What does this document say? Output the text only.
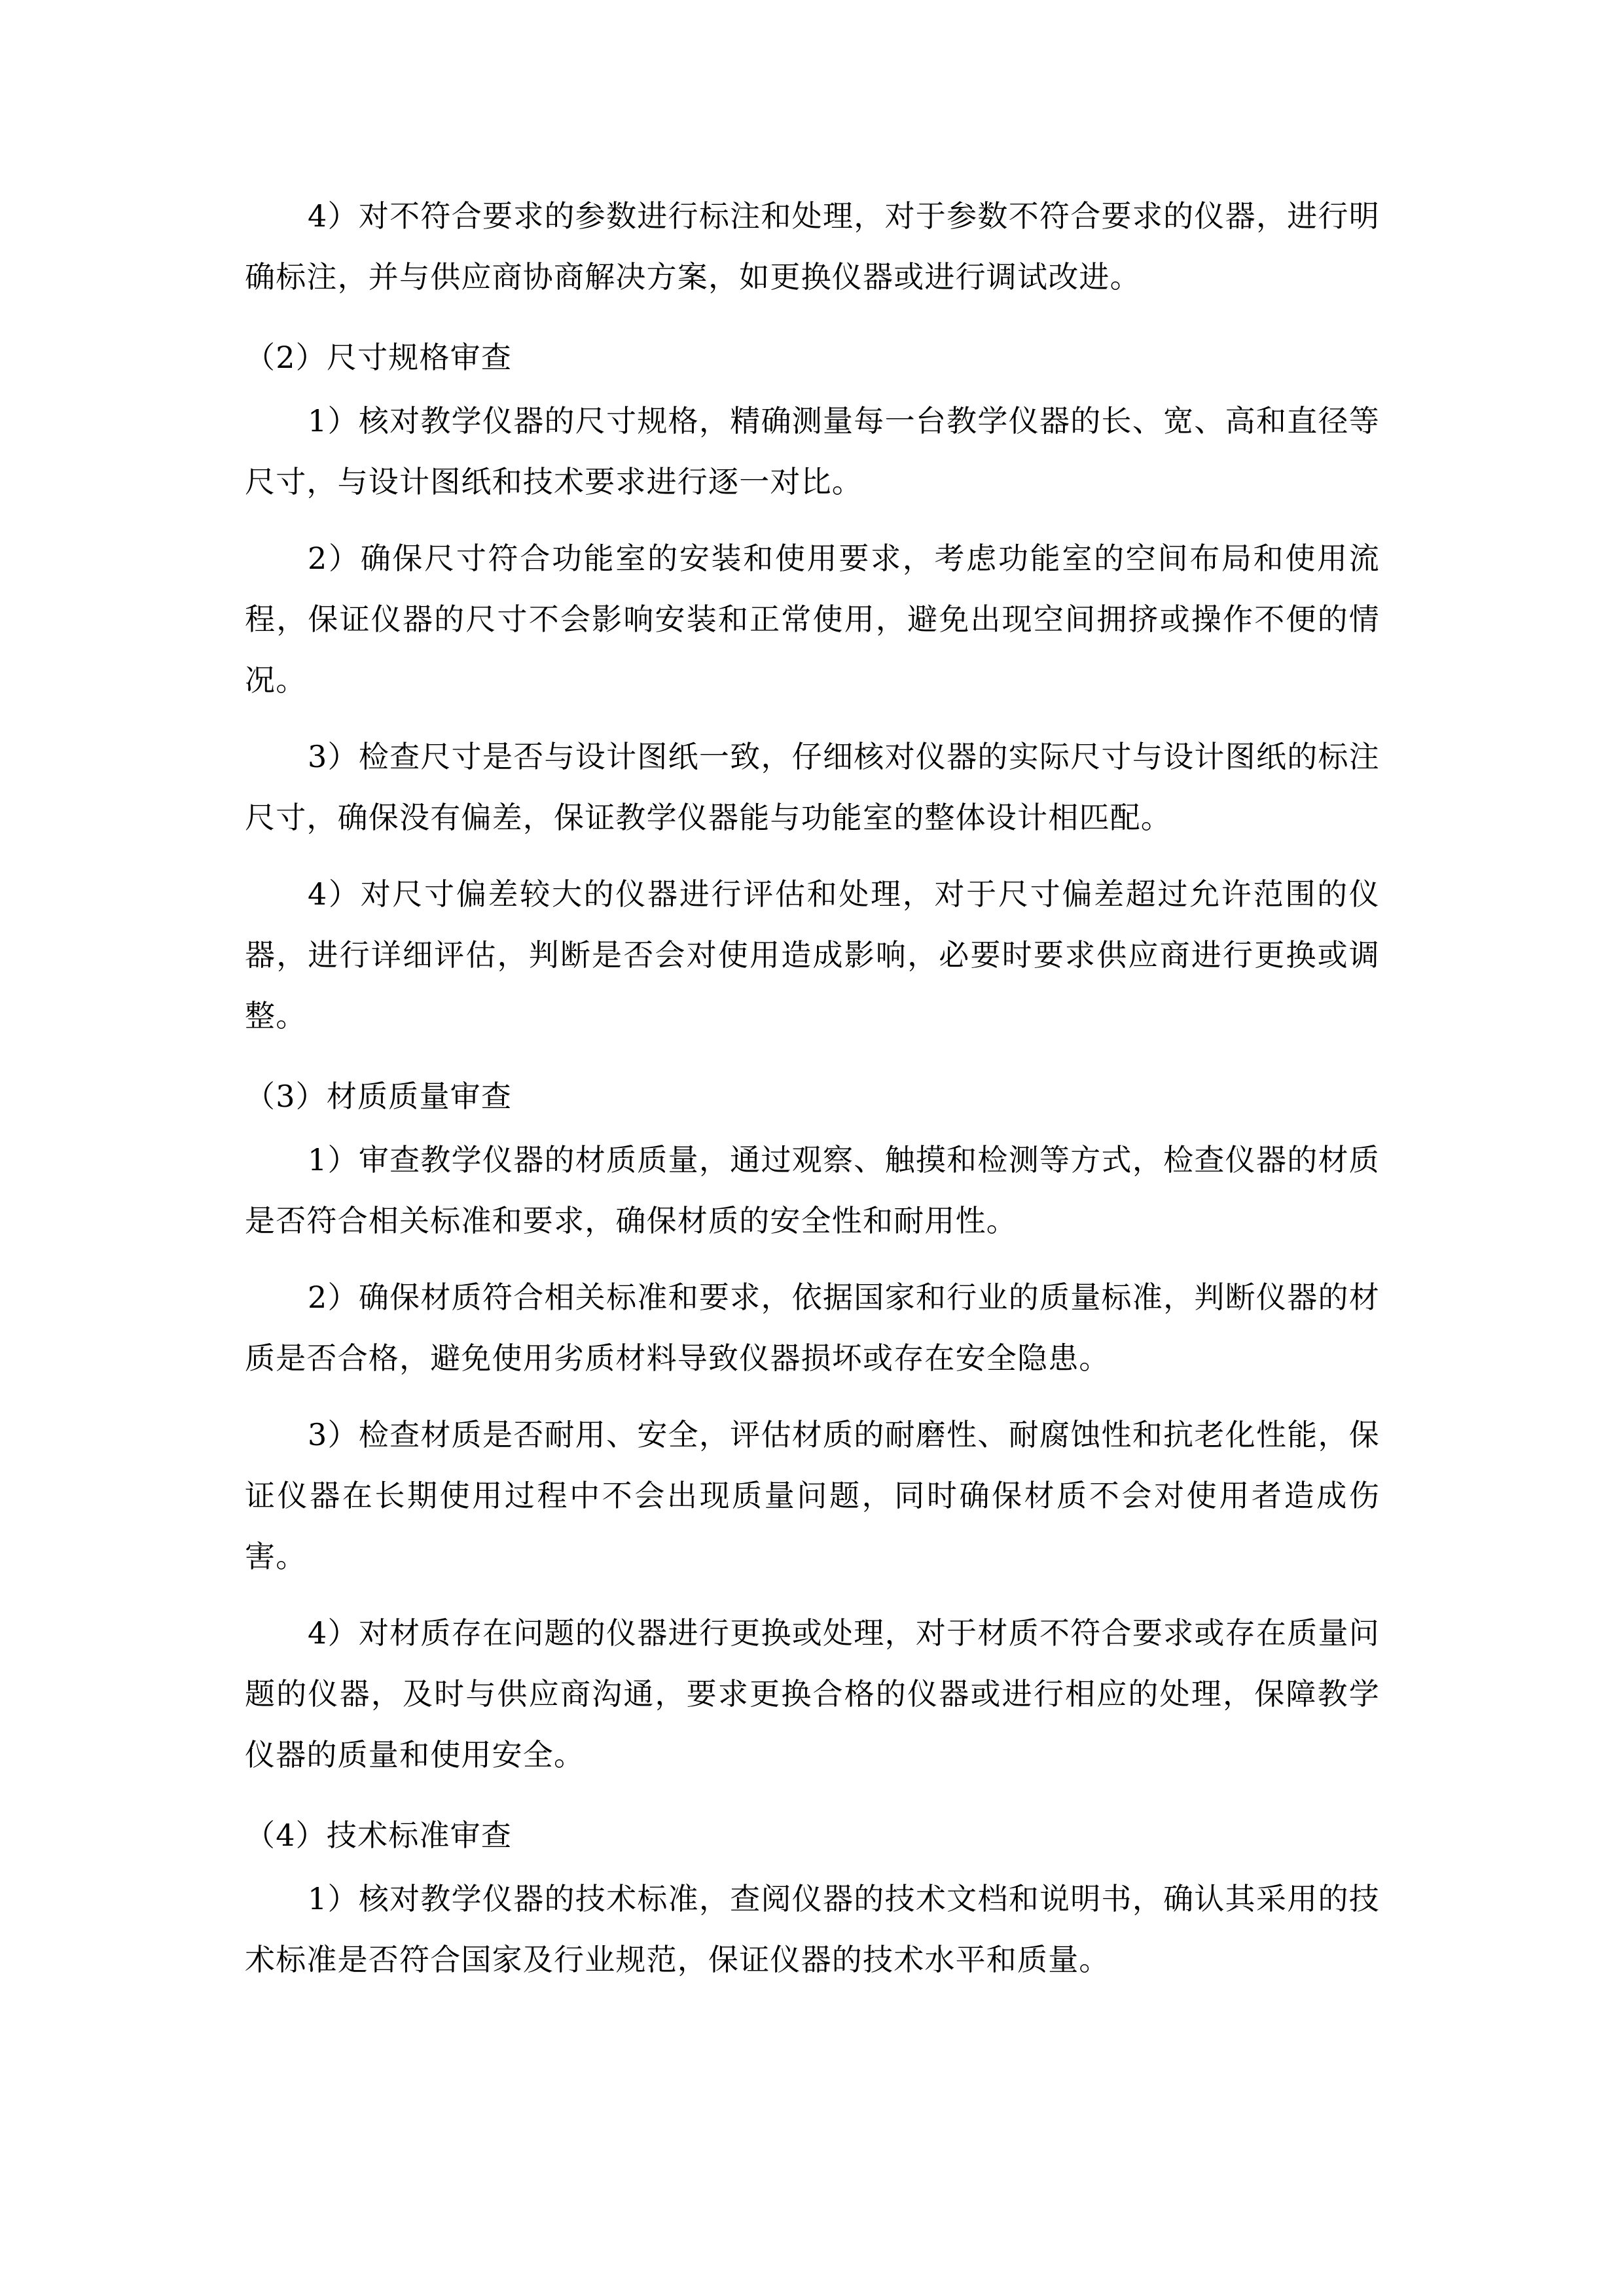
4）对不符合要求的参数进行标注和处理，对于参数不符合要求的仪器，进行明确标注，并与供应商协商解决方案，如更换仪器或进行调试改进。

（2）尺寸规格审查

1）核对教学仪器的尺寸规格，精确测量每一台教学仪器的长、宽、高和直径等尺寸，与设计图纸和技术要求进行逐一对比。

2）确保尺寸符合功能室的安装和使用要求，考虑功能室的空间布局和使用流程，保证仪器的尺寸不会影响安装和正常使用，避免出现空间拥挤或操作不便的情况。

3）检查尺寸是否与设计图纸一致，仔细核对仪器的实际尺寸与设计图纸的标注尺寸，确保没有偏差，保证教学仪器能与功能室的整体设计相匹配。

4）对尺寸偏差较大的仪器进行评估和处理，对于尺寸偏差超过允许范围的仪器，进行详细评估，判断是否会对使用造成影响，必要时要求供应商进行更换或调整。

（3）材质质量审查

1）审查教学仪器的材质质量，通过观察、触摸和检测等方式，检查仪器的材质是否符合相关标准和要求，确保材质的安全性和耐用性。

2）确保材质符合相关标准和要求，依据国家和行业的质量标准，判断仪器的材质是否合格，避免使用劣质材料导致仪器损坏或存在安全隐患。

3）检查材质是否耐用、安全，评估材质的耐磨性、耐腐蚀性和抗老化性能，保证仪器在长期使用过程中不会出现质量问题，同时确保材质不会对使用者造成伤害。

4）对材质存在问题的仪器进行更换或处理，对于材质不符合要求或存在质量问题的仪器，及时与供应商沟通，要求更换合格的仪器或进行相应的处理，保障教学仪器的质量和使用安全。

（4）技术标准审查

1）核对教学仪器的技术标准，查阅仪器的技术文档和说明书，确认其采用的技术标准是否符合国家及行业规范，保证仪器的技术水平和质量。
